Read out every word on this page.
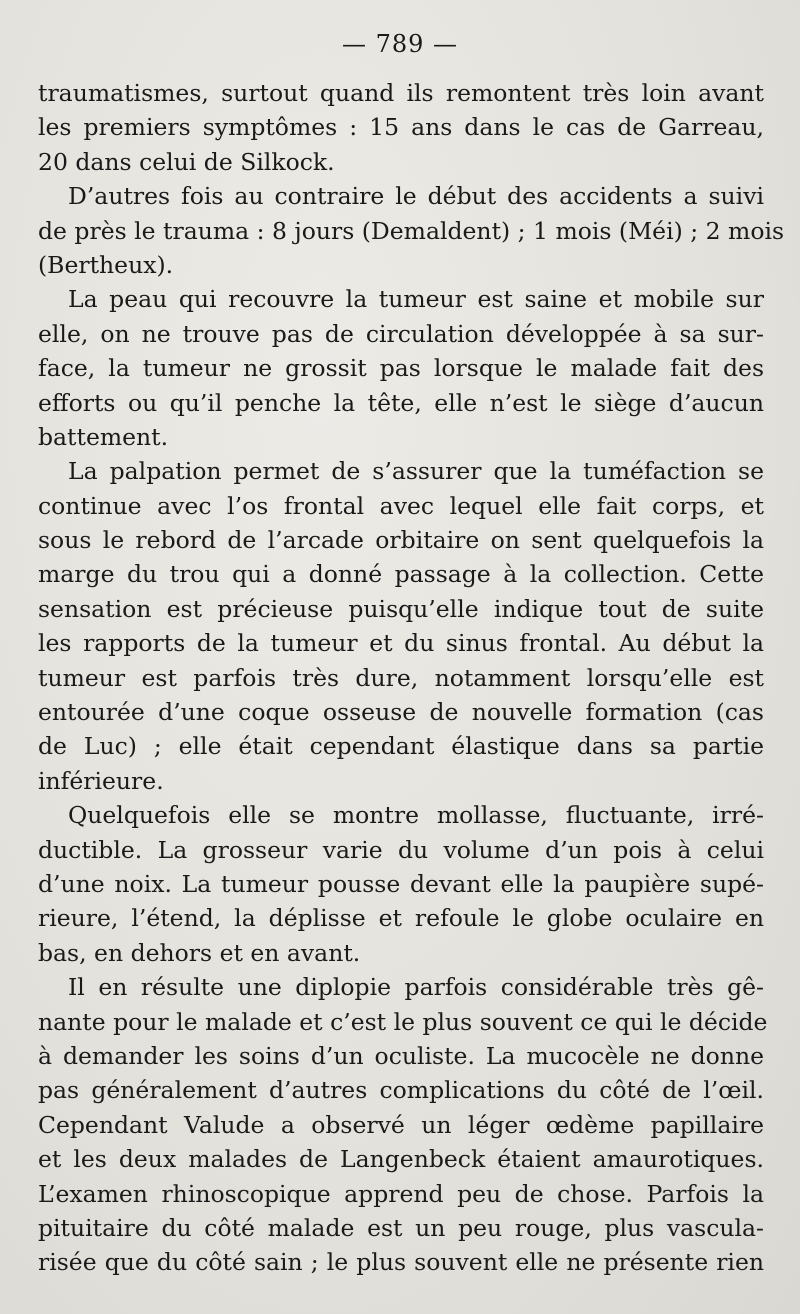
— 789 —
traumatismes, surtout quand ils remontent très loin avant
les premiers symptômes : 15 ans dans le cas de Garreau,
20 dans celui de Silkock.
D’autres fois au contraire le début des accidents a suivi
de près le trauma : 8 jours (Demaldent) ; 1 mois (Méi) ; 2 mois
(Bertheux).
La peau qui recouvre la tumeur est saine et mobile sur
elle, on ne trouve pas de circulation développée à sa sur-
face, la tumeur ne grossit pas lorsque le malade fait des
efforts ou qu’il penche la tête, elle n’est le siège d’aucun
battement.
La palpation permet de s’assurer que la tuméfaction se
continue avec l’os frontal avec lequel elle fait corps, et
sous le rebord de l’arcade orbitaire on sent quelquefois la
marge du trou qui a donné passage à la collection. Cette
sensation est précieuse puisqu’elle indique tout de suite
les rapports de la tumeur et du sinus frontal. Au début la
tumeur est parfois très dure, notamment lorsqu’elle est
entourée d’une coque osseuse de nouvelle formation (cas
de Luc) ; elle était cependant élastique dans sa partie
inférieure.
Quelquefois elle se montre mollasse, fluctuante, irré-
ductible. La grosseur varie du volume d’un pois à celui
d’une noix. La tumeur pousse devant elle la paupière supé-
rieure, l’étend, la déplisse et refoule le globe oculaire en
bas, en dehors et en avant.
Il en résulte une diplopie parfois considérable très gê-
nante pour le malade et c’est le plus souvent ce qui le décide
à demander les soins d’un oculiste. La mucocèle ne donne
pas généralement d’autres complications du côté de l’œil.
Cependant Valude a observé un léger œdème papillaire
et les deux malades de Langenbeck étaient amaurotiques.
L’examen rhinoscopique apprend peu de chose. Parfois la
pituitaire du côté malade est un peu rouge, plus vascula-
risée que du côté sain ; le plus souvent elle ne présente rien
